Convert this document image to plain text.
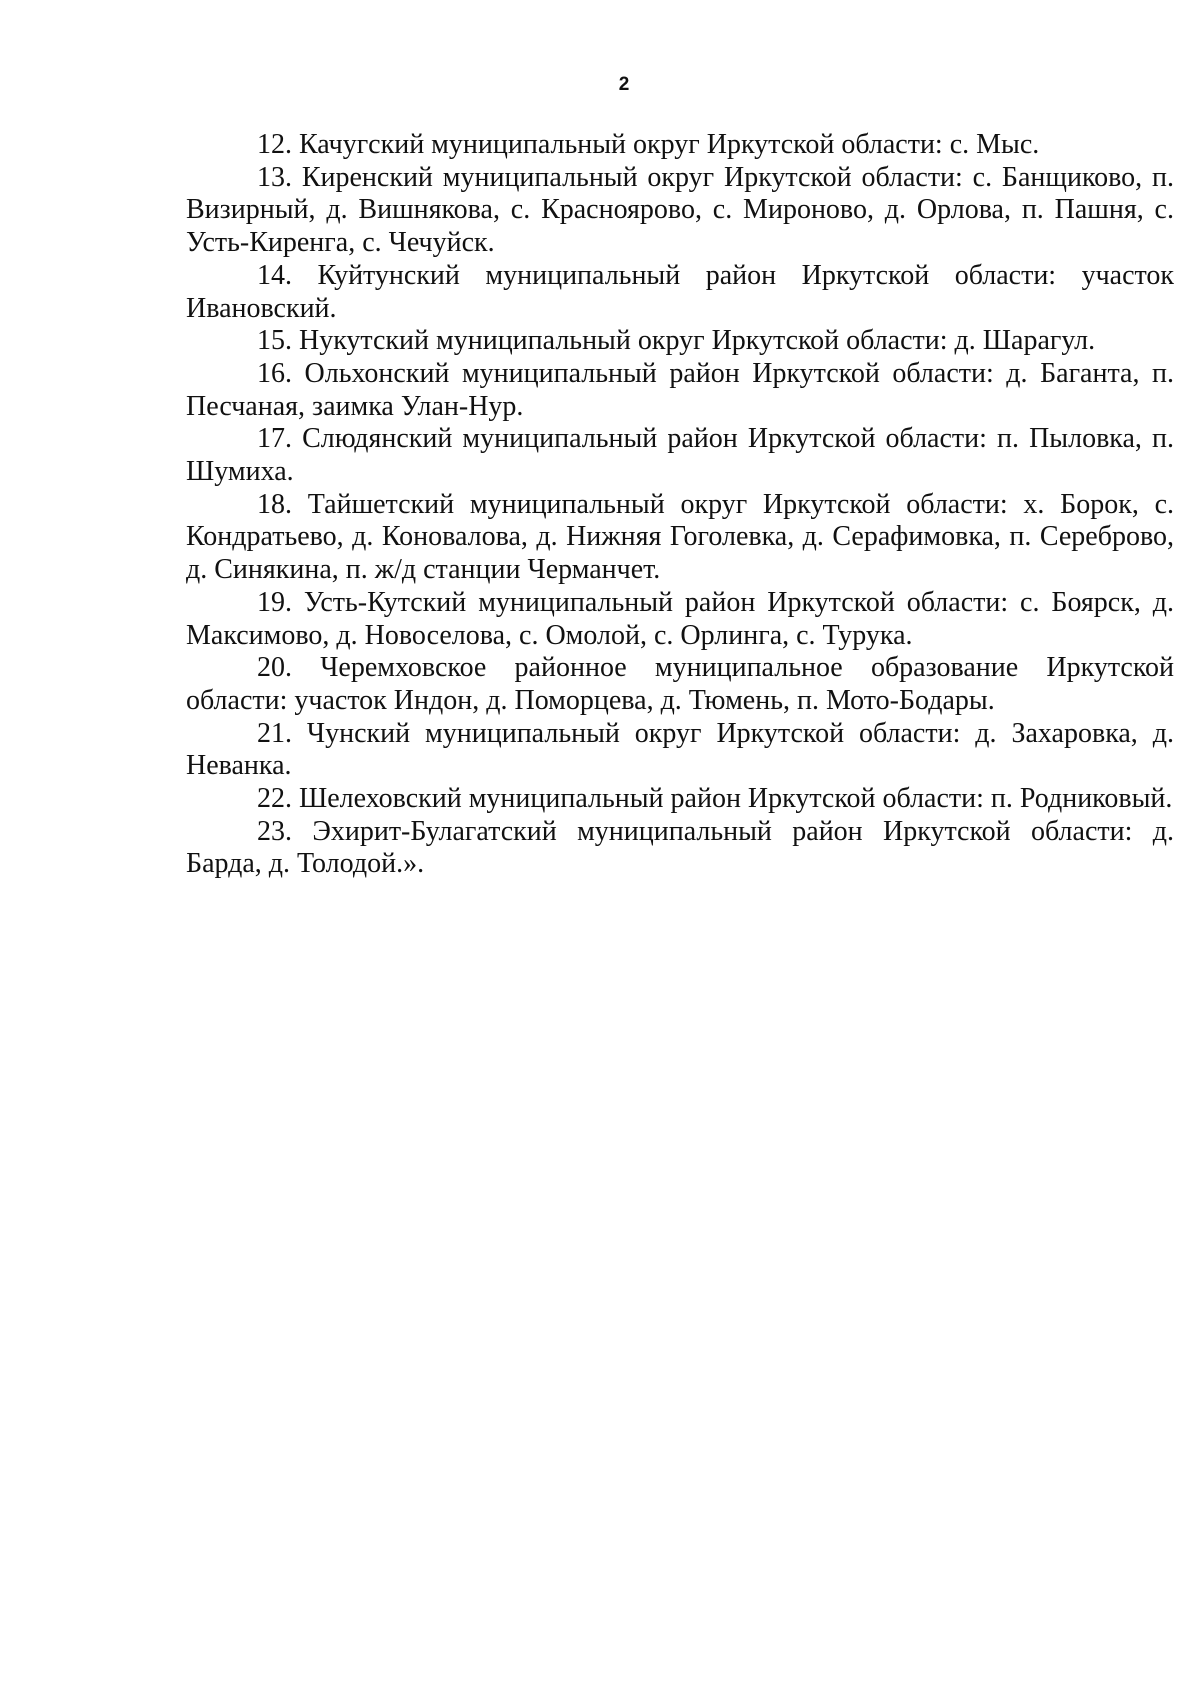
2

12. Качугский муниципальный округ Иркутской области: с. Мыс.

13. Киренский муниципальный округ Иркутской области: с. Банщиково, п. Визирный, д. Вишнякова, с. Красноярово, с. Мироново, д. Орлова, п. Пашня, с. Усть-Киренга, с. Чечуйск.

14. Куйтунский муниципальный район Иркутской области: участок Ивановский.

15. Нукутский муниципальный округ Иркутской области: д. Шарагул.

16. Ольхонский муниципальный район Иркутской области: д. Баганта, п. Песчаная, заимка Улан-Нур.

17. Слюдянский муниципальный район Иркутской области: п. Пыловка, п. Шумиха.

18. Тайшетский муниципальный округ Иркутской области: х. Борок, с. Кондратьево, д. Коновалова, д. Нижняя Гоголевка, д. Серафимовка, п. Сереброво, д. Синякина, п. ж/д станции Черманчет.

19. Усть-Кутский муниципальный район Иркутской области: с. Боярск, д. Максимово, д. Новоселова, с. Омолой, с. Орлинга, с. Турука.

20. Черемховское районное муниципальное образование Иркутской области: участок Индон, д. Поморцева, д. Тюмень, п. Мото-Бодары.

21. Чунский муниципальный округ Иркутской области: д. Захаровка, д. Неванка.

22. Шелеховский муниципальный район Иркутской области: п. Родниковый.

23. Эхирит-Булагатский муниципальный район Иркутской области: д. Барда, д. Толодой.».
